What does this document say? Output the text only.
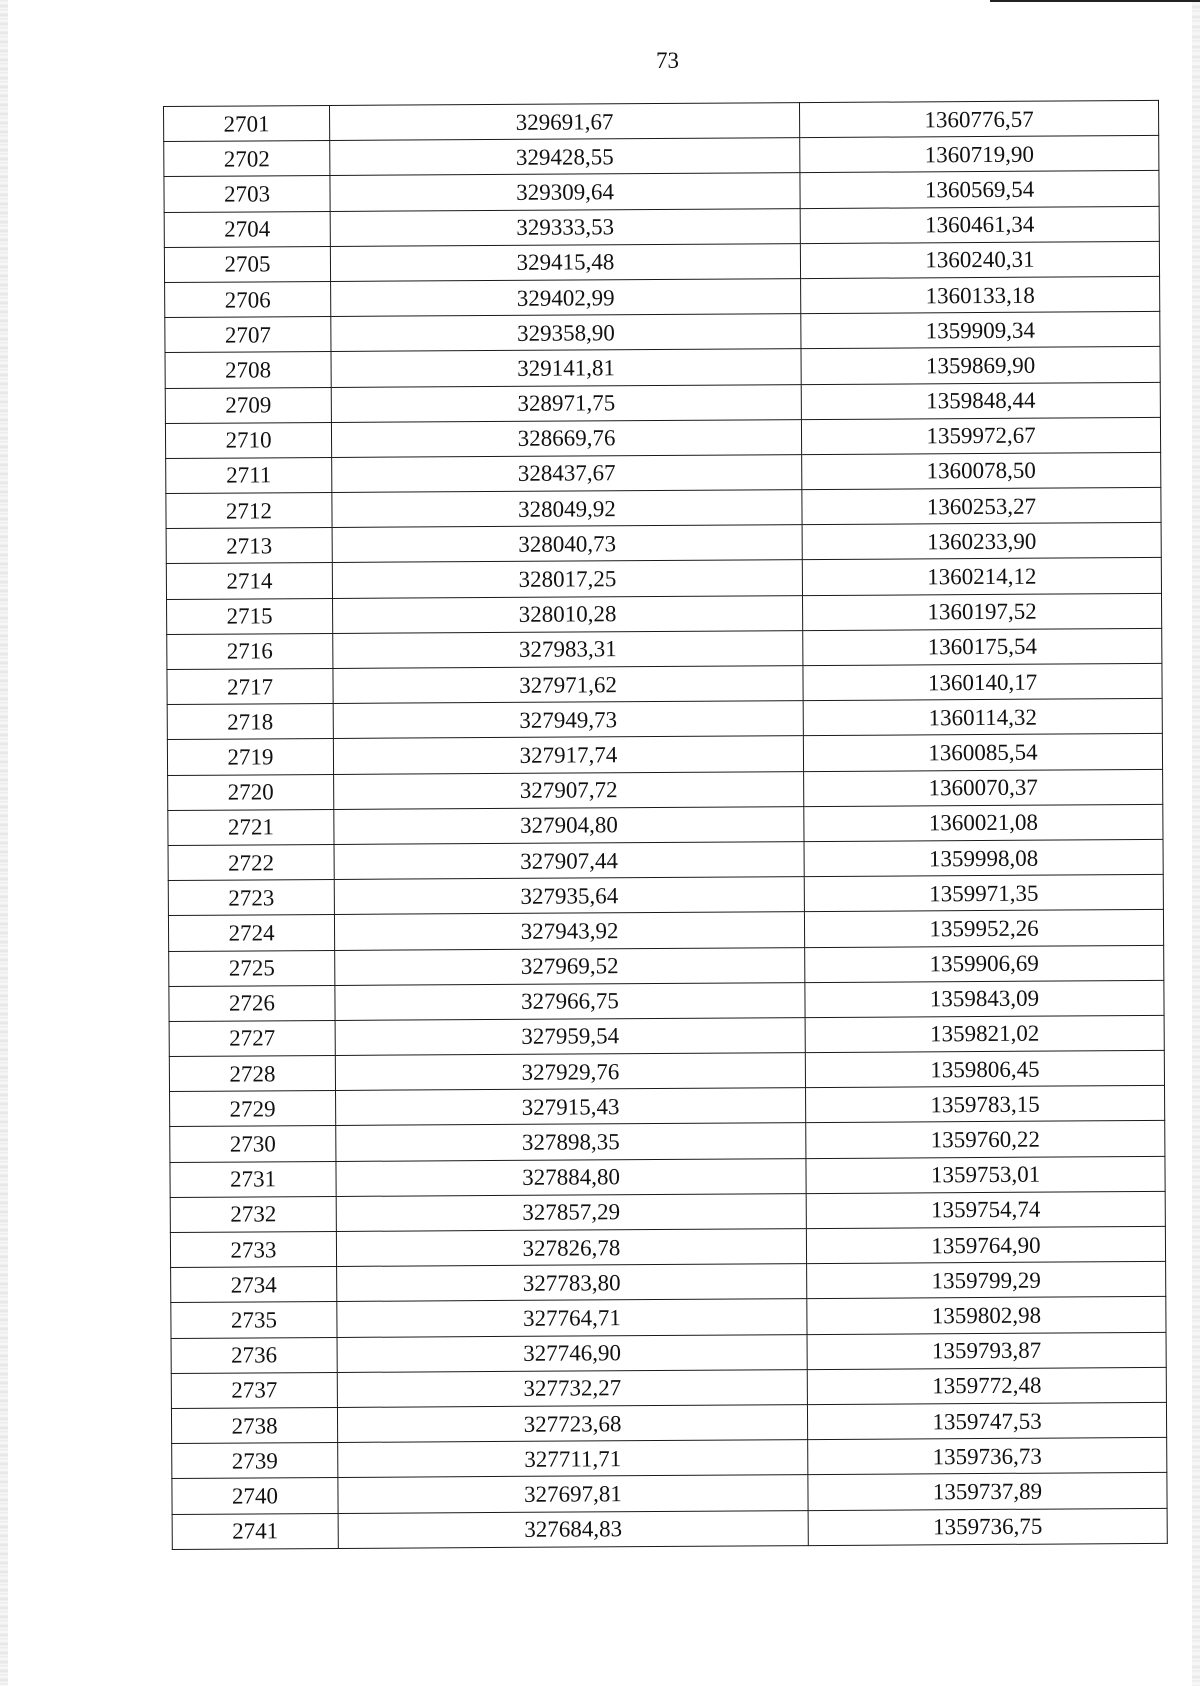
73
2701	329691,67	1360776,57
2702	329428,55	1360719,90
2703	329309,64	1360569,54
2704	329333,53	1360461,34
2705	329415,48	1360240,31
2706	329402,99	1360133,18
2707	329358,90	1359909,34
2708	329141,81	1359869,90
2709	328971,75	1359848,44
2710	328669,76	1359972,67
2711	328437,67	1360078,50
2712	328049,92	1360253,27
2713	328040,73	1360233,90
2714	328017,25	1360214,12
2715	328010,28	1360197,52
2716	327983,31	1360175,54
2717	327971,62	1360140,17
2718	327949,73	1360114,32
2719	327917,74	1360085,54
2720	327907,72	1360070,37
2721	327904,80	1360021,08
2722	327907,44	1359998,08
2723	327935,64	1359971,35
2724	327943,92	1359952,26
2725	327969,52	1359906,69
2726	327966,75	1359843,09
2727	327959,54	1359821,02
2728	327929,76	1359806,45
2729	327915,43	1359783,15
2730	327898,35	1359760,22
2731	327884,80	1359753,01
2732	327857,29	1359754,74
2733	327826,78	1359764,90
2734	327783,80	1359799,29
2735	327764,71	1359802,98
2736	327746,90	1359793,87
2737	327732,27	1359772,48
2738	327723,68	1359747,53
2739	327711,71	1359736,73
2740	327697,81	1359737,89
2741	327684,83	1359736,75
